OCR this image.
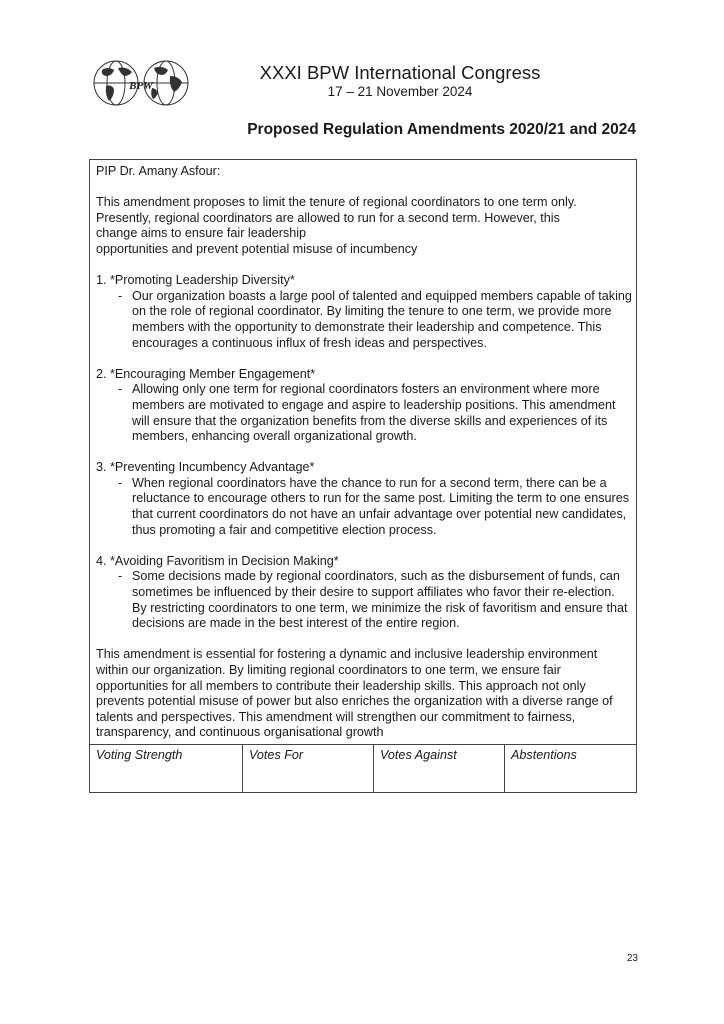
BPW
XXXI BPW International Congress
17 – 21 November 2024
Proposed Regulation Amendments 2020/21 and 2024

PIP Dr. Amany Asfour:

This amendment proposes to limit the tenure of regional coordinators to one term only.

Presently, regional coordinators are allowed to run for a second term. However, this

change aims to ensure fair leadership

opportunities and prevent potential misuse of incumbency

1. *Promoting Leadership Diversity*

- Our organization boasts a large pool of talented and equipped members capable of taking on the role of regional coordinator. By limiting the tenure to one term, we provide more members with the opportunity to demonstrate their leadership and competence. This encourages a continuous influx of fresh ideas and perspectives.

2. *Encouraging Member Engagement*

- Allowing only one term for regional coordinators fosters an environment where more members are motivated to engage and aspire to leadership positions. This amendment will ensure that the organization benefits from the diverse skills and experiences of its members, enhancing overall organizational growth.

3. *Preventing Incumbency Advantage*

- When regional coordinators have the chance to run for a second term, there can be a reluctance to encourage others to run for the same post. Limiting the term to one ensures that current coordinators do not have an unfair advantage over potential new candidates, thus promoting a fair and competitive election process.

4. *Avoiding Favoritism in Decision Making*

- Some decisions made by regional coordinators, such as the disbursement of funds, can sometimes be influenced by their desire to support affiliates who favor their re-election. By restricting coordinators to one term, we minimize the risk of favoritism and ensure that decisions are made in the best interest of the entire region.

This amendment is essential for fostering a dynamic and inclusive leadership environment within our organization. By limiting regional coordinators to one term, we ensure fair opportunities for all members to contribute their leadership skills. This approach not only prevents potential misuse of power but also enriches the organization with a diverse range of talents and perspectives. This amendment will strengthen our commitment to fairness, transparency, and continuous organisational growth

Voting Strength	Votes For	Votes Against	Abstentions
23
